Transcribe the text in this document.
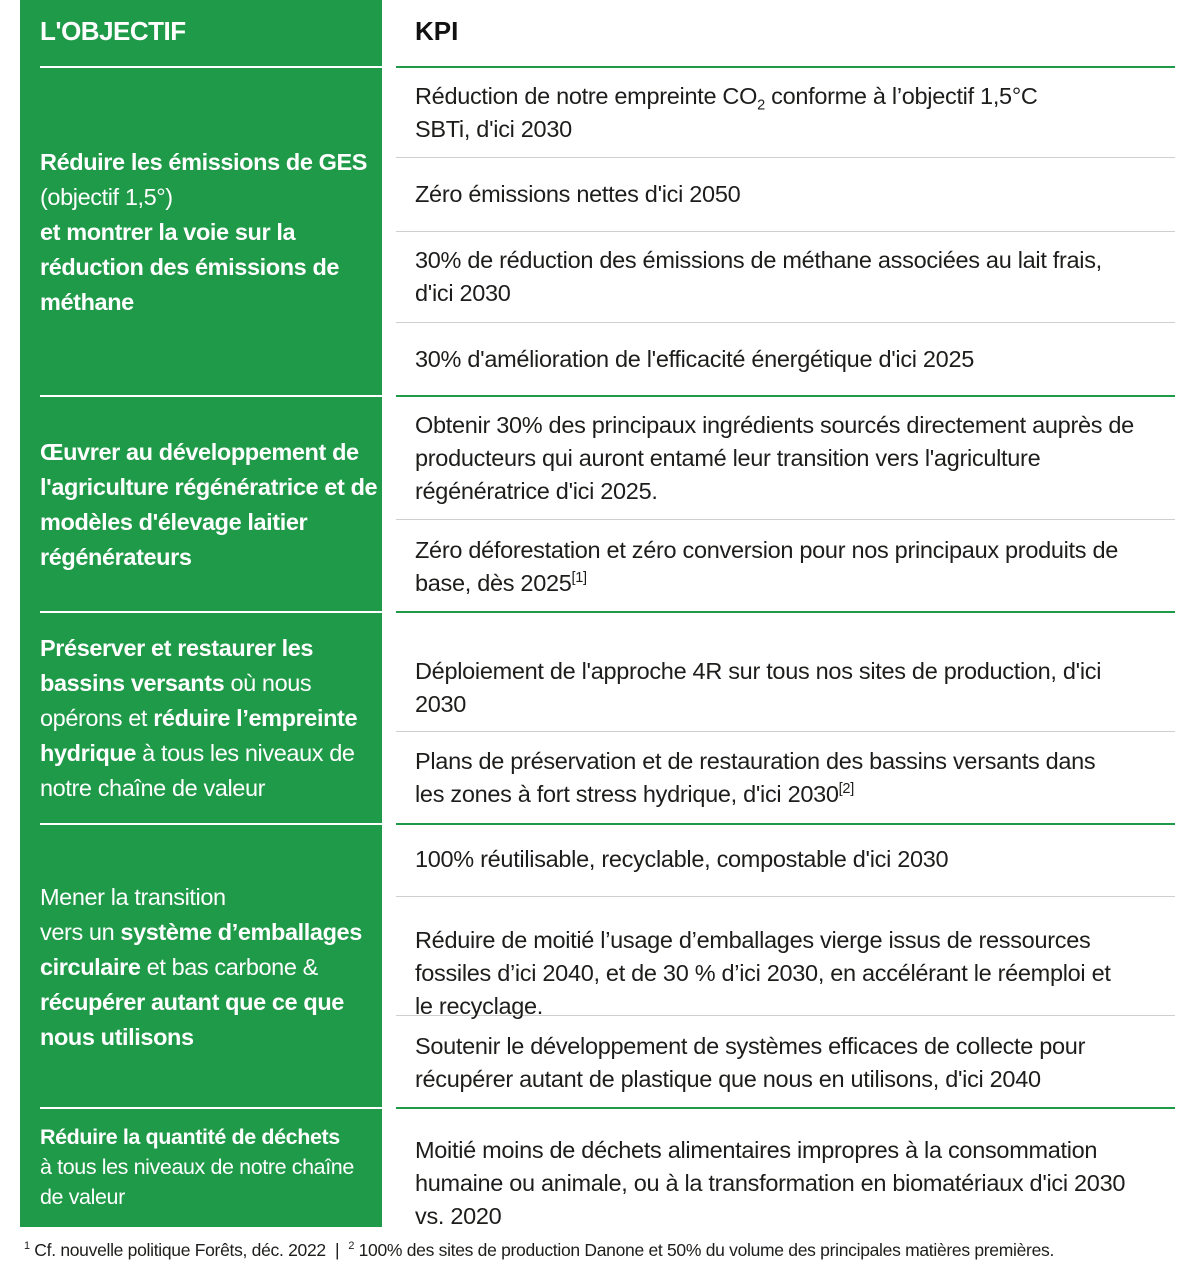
L'OBJECTIF	KPI
Réduire les émissions de GES
(objectif 1,5°)
et montrer la voie sur la réduction des émissions de méthane
Œuvrer au développement de l'agriculture régénératrice et de modèles d'élevage laitier régénérateurs
Préserver et restaurer les bassins versants où nous opérons et réduire l’empreinte hydrique à tous les niveaux de notre chaîne de valeur
Mener la transition
vers un système d’emballages circulaire et bas carbone & récupérer autant que ce que nous utilisons
Réduire la quantité de déchets
à tous les niveaux de notre chaîne de valeur
Réduction de notre empreinte $CO_2$ conforme à l’objectif 1,5°C SBTi, d'ici 2030
Zéro émissions nettes d'ici 2050
30% de réduction des émissions de méthane associées au lait frais, d'ici 2030
30% d'amélioration de l'efficacité énergétique d'ici 2025
Obtenir 30% des principaux ingrédients sourcés directement auprès de producteurs qui auront entamé leur transition vers l'agriculture régénératrice d'ici 2025.
Zéro déforestation et zéro conversion pour nos principaux produits de base, dès 2025[1]
Déploiement de l'approche 4R sur tous nos sites de production, d'ici 2030
Plans de préservation et de restauration des bassins versants dans
les zones à fort stress hydrique, d'ici 2030[2]
100% réutilisable, recyclable, compostable d'ici 2030
Réduire de moitié l’usage d’emballages vierge issus de ressources fossiles d’ici 2040, et de 30 % d’ici 2030, en accélérant le réemploi et le recyclage.
Soutenir le développement de systèmes efficaces de collecte pour récupérer autant de plastique que nous en utilisons, d'ici 2040
Moitié moins de déchets alimentaires impropres à la consommation humaine ou animale, ou à la transformation en biomatériaux d'ici 2030 vs. 2020
$^1$ Cf. nouvelle politique Forêts, déc. 2022  |  $^2$ 100% des sites de production Danone et 50% du volume des principales matières premières.
